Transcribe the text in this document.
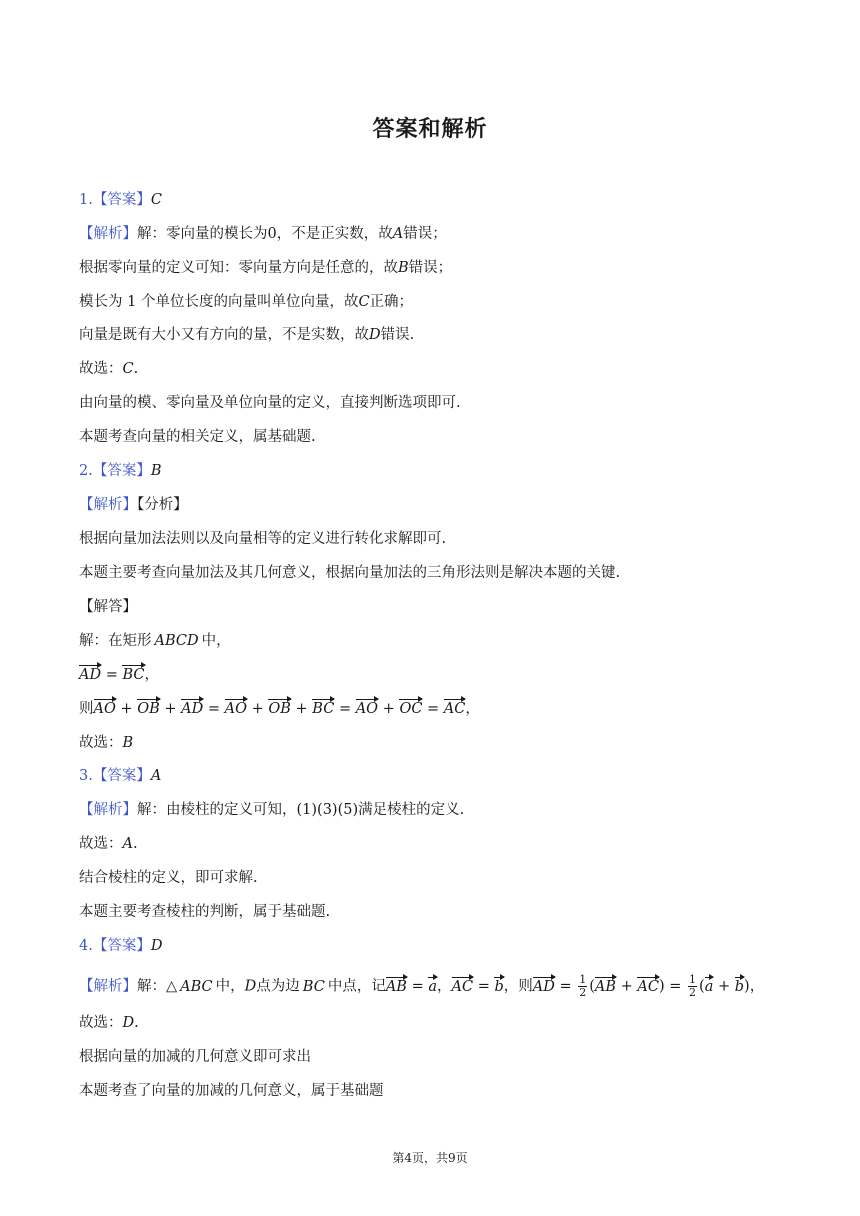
答案和解析
1.【答案】C
【解析】解：零向量的模长为0，不是正实数，故A错误；
根据零向量的定义可知：零向量方向是任意的，故B错误；
模长为 1 个单位长度的向量叫单位向量，故C正确；
向量是既有大小又有方向的量，不是实数，故D错误.
故选：C.
由向量的模、零向量及单位向量的定义，直接判断选项即可.
本题考查向量的相关定义，属基础题.
2.【答案】B
【解析】【分析】
根据向量加法法则以及向量相等的定义进行转化求解即可.
本题主要考查向量加法及其几何意义，根据向量加法的三角形法则是解决本题的关键.
【解答】
解：在矩形 ABCD 中，
AD = BC，
则AO + OB + AD = AO + OB + BC = AO + OC = AC，
故选：B
3.【答案】A
【解析】解：由棱柱的定义可知，(1)(3)(5)满足棱柱的定义.
故选：A.
结合棱柱的定义，即可求解.
本题主要考查棱柱的判断，属于基础题.
4.【答案】D
【解析】解：△ ABC 中，D点为边 BC 中点，记AB = a，AC = b，则AD = $\frac{1}{2} (AB + AC) = \frac{1}{2} (a + b)$，
故选：D.
根据向量的加减的几何意义即可求出
本题考查了向量的加减的几何意义，属于基础题
第4页，共9页
